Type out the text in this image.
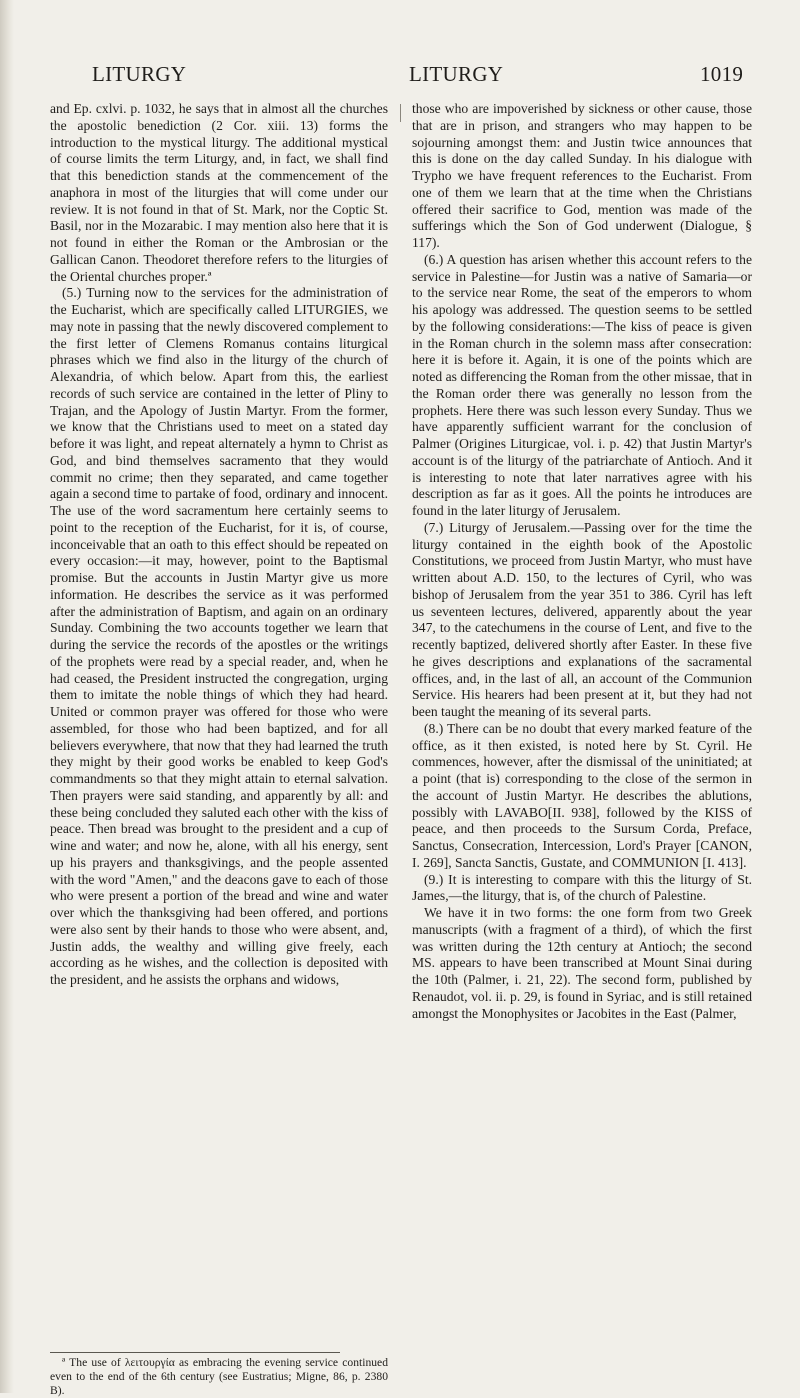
LITURGY	LITURGY	1019

and Ep. cxlvi. p. 1032, he says that in almost all the churches the apostolic benediction (2 Cor. xiii. 13) forms the introduction to the mystical liturgy. The additional mystical of course limits the term Liturgy, and, in fact, we shall find that this benediction stands at the commencement of the anaphora in most of the liturgies that will come under our review. It is not found in that of St. Mark, nor the Coptic St. Basil, nor in the Mozarabic. I may mention also here that it is not found in either the Roman or the Ambrosian or the Gallican Canon. Theodoret therefore refers to the liturgies of the Oriental churches proper.ª

(5.) Turning now to the services for the administration of the Eucharist, which are specifically called LITURGIES, we may note in passing that the newly discovered complement to the first letter of Clemens Romanus contains liturgical phrases which we find also in the liturgy of the church of Alexandria, of which below. Apart from this, the earliest records of such service are contained in the letter of Pliny to Trajan, and the Apology of Justin Martyr. From the former, we know that the Christians used to meet on a stated day before it was light, and repeat alternately a hymn to Christ as God, and bind themselves sacramento that they would commit no crime; then they separated, and came together again a second time to partake of food, ordinary and innocent. The use of the word sacramentum here certainly seems to point to the reception of the Eucharist, for it is, of course, inconceivable that an oath to this effect should be repeated on every occasion:—it may, however, point to the Baptismal promise. But the accounts in Justin Martyr give us more information. He describes the service as it was performed after the administration of Baptism, and again on an ordinary Sunday. Combining the two accounts together we learn that during the service the records of the apostles or the writings of the prophets were read by a special reader, and, when he had ceased, the President instructed the congregation, urging them to imitate the noble things of which they had heard. United or common prayer was offered for those who were assembled, for those who had been baptized, and for all believers everywhere, that now that they had learned the truth they might by their good works be enabled to keep God's commandments so that they might attain to eternal salvation. Then prayers were said standing, and apparently by all: and these being concluded they saluted each other with the kiss of peace. Then bread was brought to the president and a cup of wine and water; and now he, alone, with all his energy, sent up his prayers and thanksgivings, and the people assented with the word "Amen," and the deacons gave to each of those who were present a portion of the bread and wine and water over which the thanksgiving had been offered, and portions were also sent by their hands to those who were absent, and, Justin adds, the wealthy and willing give freely, each according as he wishes, and the collection is deposited with the president, and he assists the orphans and widows,

those who are impoverished by sickness or other cause, those that are in prison, and strangers who may happen to be sojourning amongst them: and Justin twice announces that this is done on the day called Sunday. In his dialogue with Trypho we have frequent references to the Eucharist. From one of them we learn that at the time when the Christians offered their sacrifice to God, mention was made of the sufferings which the Son of God underwent (Dialogue, § 117).

(6.) A question has arisen whether this account refers to the service in Palestine—for Justin was a native of Samaria—or to the service near Rome, the seat of the emperors to whom his apology was addressed. The question seems to be settled by the following considerations:—The kiss of peace is given in the Roman church in the solemn mass after consecration: here it is before it. Again, it is one of the points which are noted as differencing the Roman from the other missae, that in the Roman order there was generally no lesson from the prophets. Here there was such lesson every Sunday. Thus we have apparently sufficient warrant for the conclusion of Palmer (Origines Liturgicae, vol. i. p. 42) that Justin Martyr's account is of the liturgy of the patriarchate of Antioch. And it is interesting to note that later narratives agree with his description as far as it goes. All the points he introduces are found in the later liturgy of Jerusalem.

(7.) Liturgy of Jerusalem.—Passing over for the time the liturgy contained in the eighth book of the Apostolic Constitutions, we proceed from Justin Martyr, who must have written about A.D. 150, to the lectures of Cyril, who was bishop of Jerusalem from the year 351 to 386. Cyril has left us seventeen lectures, delivered, apparently about the year 347, to the catechumens in the course of Lent, and five to the recently baptized, delivered shortly after Easter. In these five he gives descriptions and explanations of the sacramental offices, and, in the last of all, an account of the Communion Service. His hearers had been present at it, but they had not been taught the meaning of its several parts.

(8.) There can be no doubt that every marked feature of the office, as it then existed, is noted here by St. Cyril. He commences, however, after the dismissal of the uninitiated; at a point (that is) corresponding to the close of the sermon in the account of Justin Martyr. He describes the ablutions, possibly with LAVABO[II. 938], followed by the KISS of peace, and then proceeds to the Sursum Corda, Preface, Sanctus, Consecration, Intercession, Lord's Prayer [CANON, I. 269], Sancta Sanctis, Gustate, and COMMUNION [I. 413].

(9.) It is interesting to compare with this the liturgy of St. James,—the liturgy, that is, of the church of Palestine.

We have it in two forms: the one form from two Greek manuscripts (with a fragment of a third), of which the first was written during the 12th century at Antioch; the second MS. appears to have been transcribed at Mount Sinai during the 10th (Palmer, i. 21, 22). The second form, published by Renaudot, vol. ii. p. 29, is found in Syriac, and is still retained amongst the Monophysites or Jacobites in the East (Palmer,

ª The use of λειτουργία as embracing the evening service continued even to the end of the 6th century (see Eustratius; Migne, 86, p. 2380 B).
